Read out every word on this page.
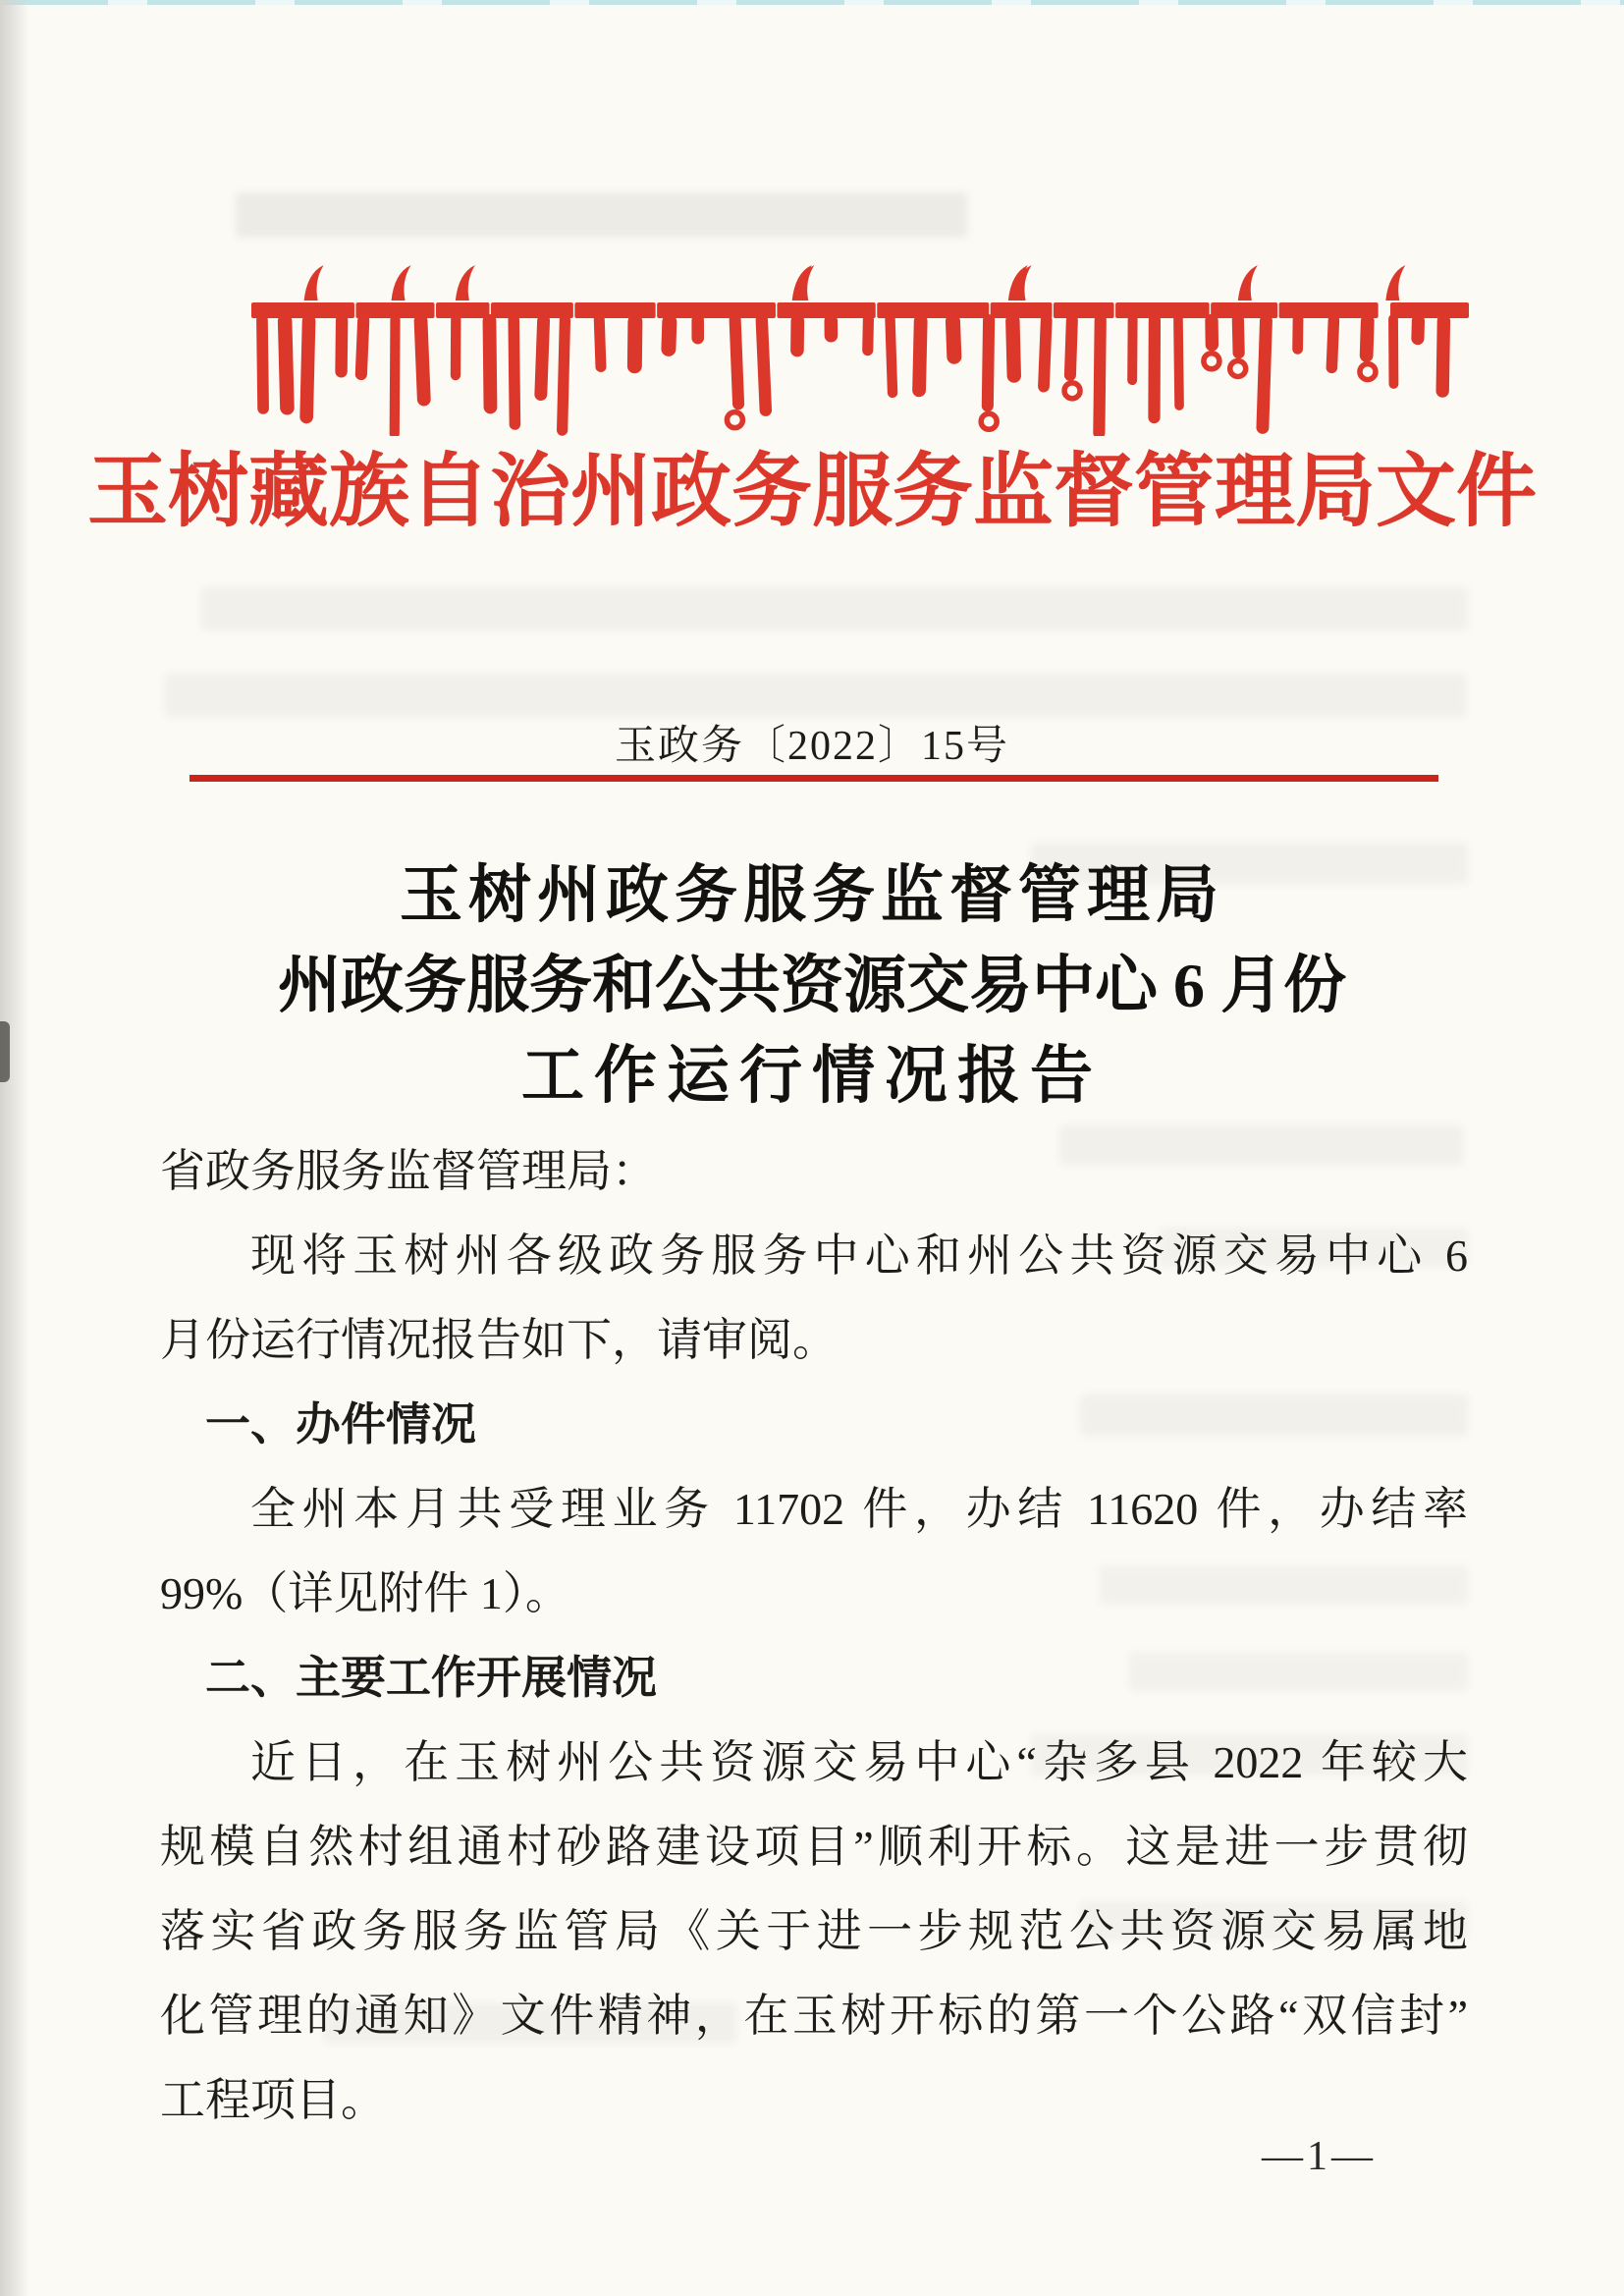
玉树藏族自治州政务服务监督管理局文件
玉政务〔2022〕15号
玉树州政务服务监督管理局
州政务服务和公共资源交易中心 6 月份
工作运行情况报告
省政务服务监督管理局：
现将玉树州各级政务服务中心和州公共资源交易中心 6
月份运行情况报告如下，请审阅。
一、办件情况
全州本月共受理业务 11702 件，办结 11620 件，办结率
99%（详见附件 1）。
二、主要工作开展情况
近日，在玉树州公共资源交易中心“杂多县 2022 年较大
规模自然村组通村砂路建设项目”顺利开标。这是进一步贯彻
落实省政务服务监管局《关于进一步规范公共资源交易属地
化管理的通知》文件精神，在玉树开标的第一个公路“双信封”
工程项目。
—1—
